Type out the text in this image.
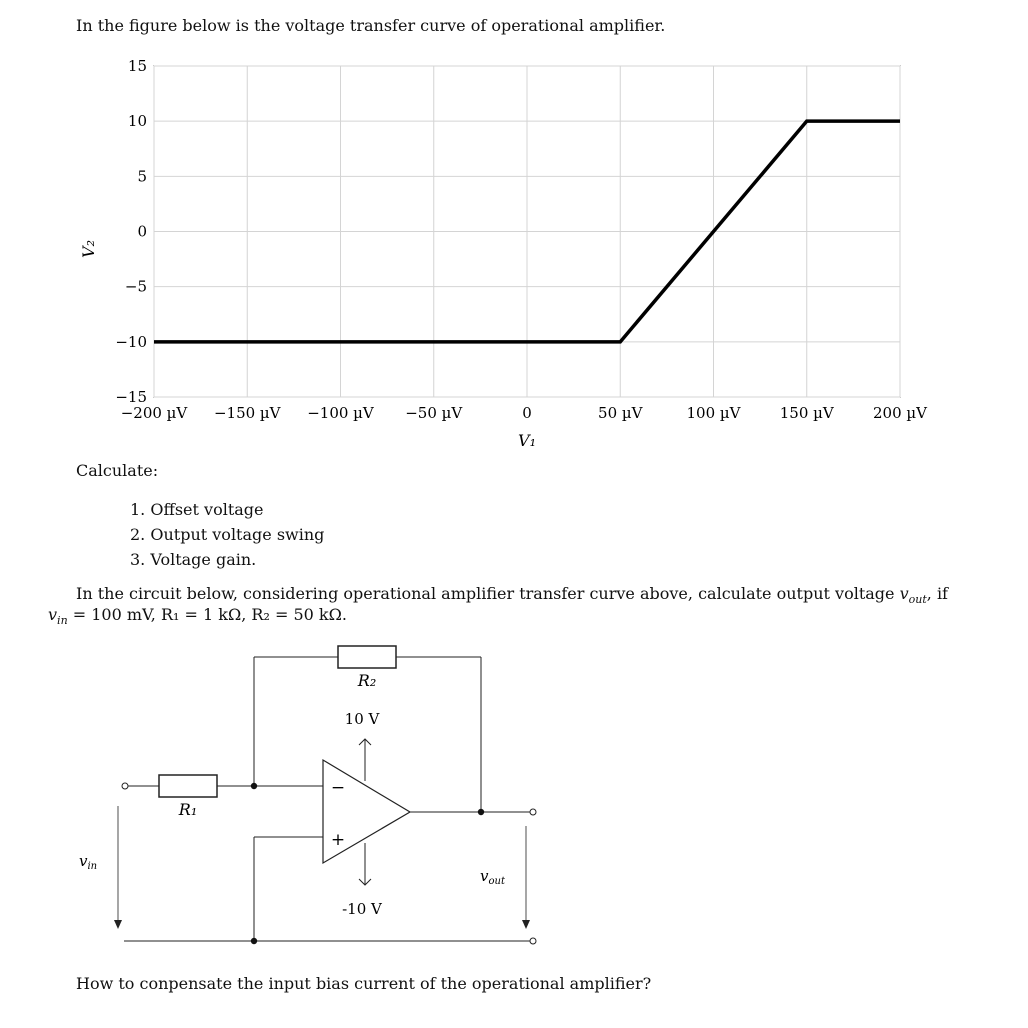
In the figure below is the voltage transfer curve of operational amplifier.
−200 µV −150 µV −100 µV −50 µV	0	50 µV	100 µV	150 µV	200 µV
15
10
5
0
−5
−10
−15
V₁
V₂
Calculate:
1. Offset voltage
2. Output voltage swing
3. Voltage gain.
In the circuit below, considering operational amplifier transfer curve above, calculate output voltage $v_{out}$, if
$v_{in} = 100$ mV, R₁ = 1 kΩ, R₂ = 50 kΩ.
R₂
R₁
10 V
-10 V
−
+
$v_{in}$
$v_{out}$
How to conpensate the input bias current of the operational amplifier?
